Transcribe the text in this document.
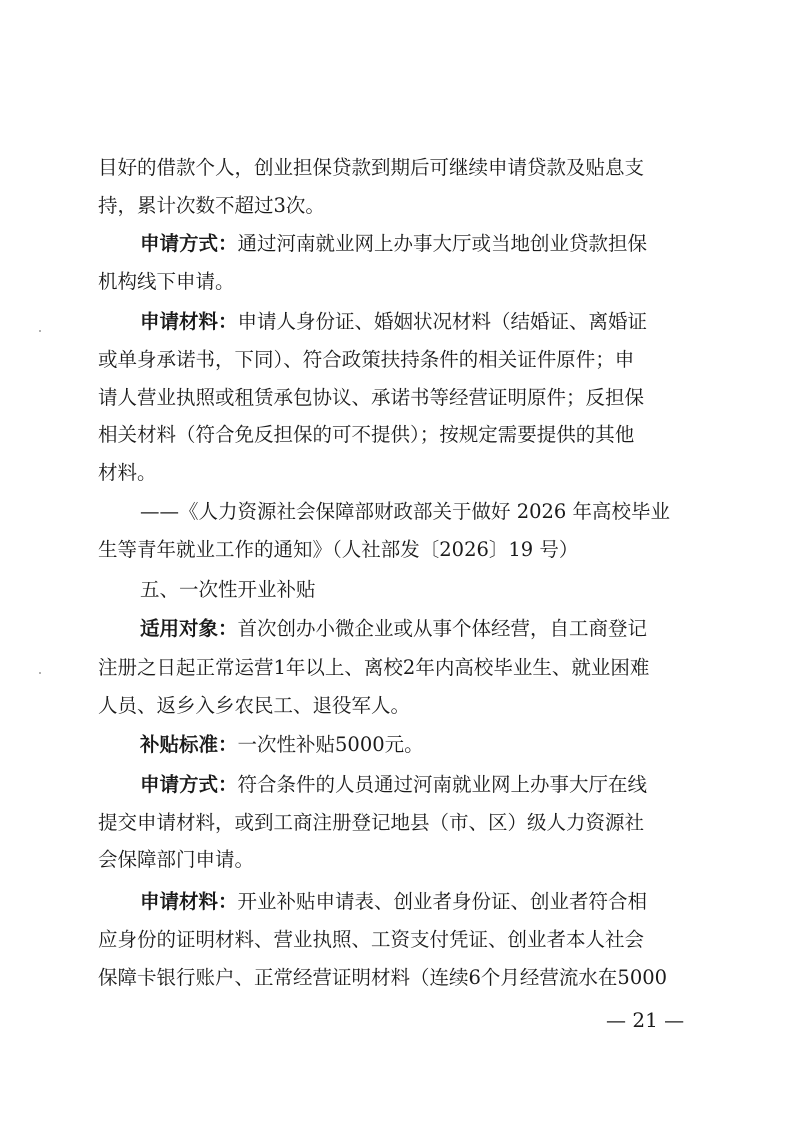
目好的借款个人，创业担保贷款到期后可继续申请贷款及贴息支

持，累计次数不超过3次。

申请方式：通过河南就业网上办事大厅或当地创业贷款担保

机构线下申请。

申请材料：申请人身份证、婚姻状况材料（结婚证、离婚证

或单身承诺书，下同）、符合政策扶持条件的相关证件原件；申

请人营业执照或租赁承包协议、承诺书等经营证明原件；反担保

相关材料（符合免反担保的可不提供）；按规定需要提供的其他

材料。

——《人力资源社会保障部财政部关于做好 2026 年高校毕业

生等青年就业工作的通知》（人社部发〔2026〕19 号）

五、一次性开业补贴

适用对象：首次创办小微企业或从事个体经营，自工商登记

注册之日起正常运营1年以上、离校2年内高校毕业生、就业困难

人员、返乡入乡农民工、退役军人。

补贴标准：一次性补贴5000元。

申请方式：符合条件的人员通过河南就业网上办事大厅在线

提交申请材料，或到工商注册登记地县（市、区）级人力资源社

会保障部门申请。

申请材料：开业补贴申请表、创业者身份证、创业者符合相

应身份的证明材料、营业执照、工资支付凭证、创业者本人社会

保障卡银行账户、正常经营证明材料（连续6个月经营流水在5000

— 21 —
